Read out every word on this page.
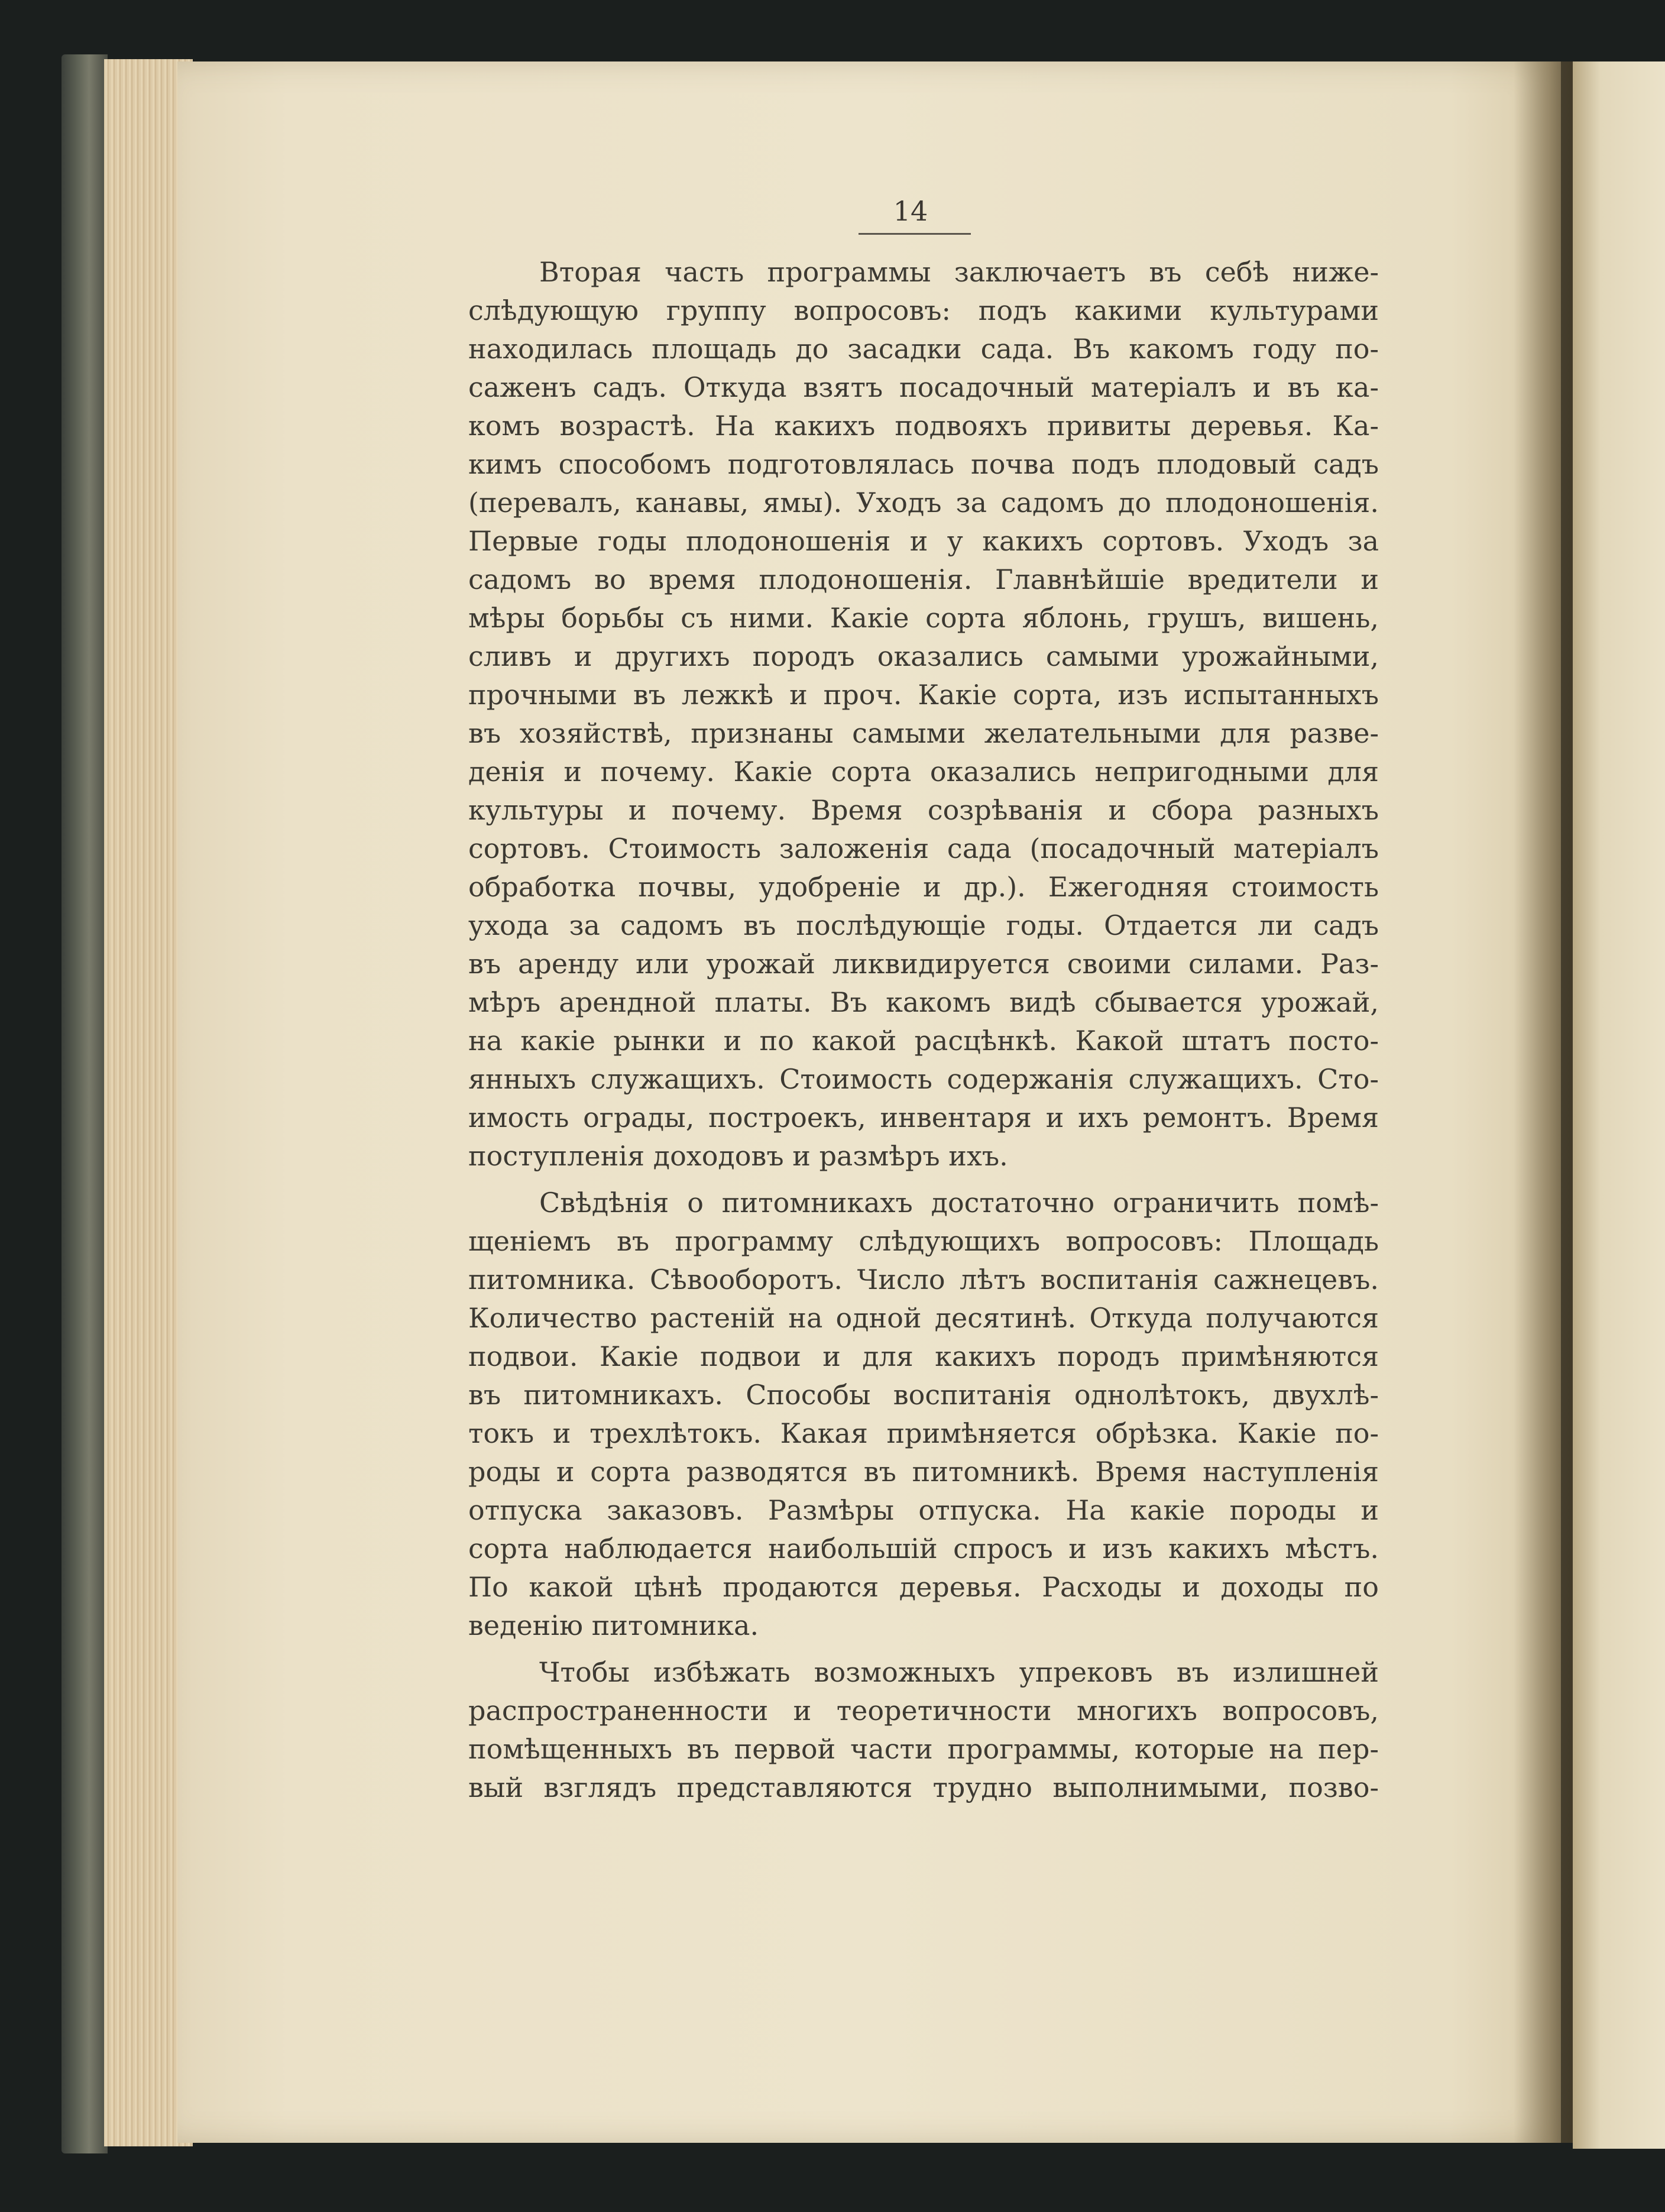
14
Вторая часть программы заключаетъ въ себѣ ниже-
слѣдующую группу вопросовъ: подъ какими культурами
находилась площадь до засадки сада. Въ какомъ году по-
саженъ садъ. Откуда взятъ посадочный матеріалъ и въ ка-
комъ возрастѣ. На какихъ подвояхъ привиты деревья. Ка-
кимъ способомъ подготовлялась почва подъ плодовый садъ
(перевалъ, канавы, ямы). Уходъ за садомъ до плодоношенія.
Первые годы плодоношенія и у какихъ сортовъ. Уходъ за
садомъ во время плодоношенія. Главнѣйшіе вредители и
мѣры борьбы съ ними. Какіе сорта яблонь, грушъ, вишень,
сливъ и другихъ породъ оказались самыми урожайными,
прочными въ лежкѣ и проч. Какіе сорта, изъ испытанныхъ
въ хозяйствѣ, признаны самыми желательными для разве-
денія и почему. Какіе сорта оказались непригодными для
культуры и почему. Время созрѣванія и сбора разныхъ
сортовъ. Стоимость заложенія сада (посадочный матеріалъ
обработка почвы, удобреніе и др.). Ежегодняя стоимость
ухода за садомъ въ послѣдующіе годы. Отдается ли садъ
въ аренду или урожай ликвидируется своими силами. Раз-
мѣръ арендной платы. Въ какомъ видѣ сбывается урожай,
на какіе рынки и по какой расцѣнкѣ. Какой штатъ посто-
янныхъ служащихъ. Стоимость содержанія служащихъ. Сто-
имость ограды, построекъ, инвентаря и ихъ ремонтъ. Время
поступленія доходовъ и размѣръ ихъ.
Свѣдѣнія о питомникахъ достаточно ограничить помѣ-
щеніемъ въ программу слѣдующихъ вопросовъ: Площадь
питомника. Сѣвооборотъ. Число лѣтъ воспитанія сажнецевъ.
Количество растеній на одной десятинѣ. Откуда получаются
подвои. Какіе подвои и для какихъ породъ примѣняются
въ питомникахъ. Способы воспитанія однолѣтокъ, двухлѣ-
токъ и трехлѣтокъ. Какая примѣняется обрѣзка. Какіе по-
роды и сорта разводятся въ питомникѣ. Время наступленія
отпуска заказовъ. Размѣры отпуска. На какіе породы и
сорта наблюдается наибольшій спросъ и изъ какихъ мѣстъ.
По какой цѣнѣ продаются деревья. Расходы и доходы по
веденію питомника.
Чтобы избѣжать возможныхъ упрековъ въ излишней
распространенности и теоретичности многихъ вопросовъ,
помѣщенныхъ въ первой части программы, которые на пер-
вый взглядъ представляются трудно выполнимыми, позво-
